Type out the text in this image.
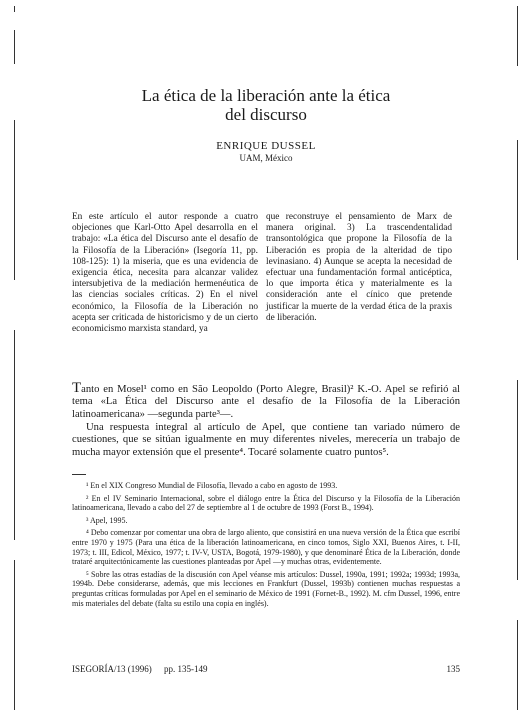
La ética de la liberación ante la ética
del discurso
ENRIQUE DUSSEL
UAM, México
En este artículo el autor responde a cuatro objeciones que Karl-Otto Apel desarrolla en el trabajo: «La ética del Discurso ante el desafío de la Filosofía de la Liberación» (Isegoría 11, pp. 108-125): 1) la miseria, que es una evidencia de exigencia ética, necesita para alcanzar validez intersubjetiva de la mediación hermenéutica de las ciencias sociales críticas. 2) En el nivel económico, la Filosofía de la Liberación no acepta ser criticada de historicismo y de un cierto economicismo marxista standard, ya
que reconstruye el pensamiento de Marx de manera original. 3) La trascendentalidad transontológica que propone la Filosofía de la Liberación es propia de la alteridad de tipo levinasiano. 4) Aunque se acepta la necesidad de efectuar una fundamentación formal anticéptica, lo que importa ética y materialmente es la consideración ante el cínico que pretende justificar la muerte de la verdad ética de la praxis de liberación.
Tanto en Mosel¹ como en São Leopoldo (Porto Alegre, Brasil)² K.-O. Apel se refirió al tema «La Ética del Discurso ante el desafío de la Filosofía de la Liberación latinoamericana» —segunda parte³—.
Una respuesta integral al artículo de Apel, que contiene tan variado número de cuestiones, que se sitúan igualmente en muy diferentes niveles, merecería un trabajo de mucha mayor extensión que el presente⁴. Tocaré solamente cuatro puntos⁵.

¹ En el XIX Congreso Mundial de Filosofía, llevado a cabo en agosto de 1993.

² En el IV Seminario Internacional, sobre el diálogo entre la Ética del Discurso y la Filosofía de la Liberación latinoamericana, llevado a cabo del 27 de septiembre al 1 de octubre de 1993 (Forst B., 1994).

³ Apel, 1995.

⁴ Debo comenzar por comentar una obra de largo aliento, que consistirá en una nueva versión de la Ética que escribí entre 1970 y 1975 (Para una ética de la liberación latinoamericana, en cinco tomos, Siglo XXI, Buenos Aires, t. I-II, 1973; t. III, Edicol, México, 1977; t. IV-V, USTA, Bogotá, 1979-1980), y que denominaré Ética de la Liberación, donde trataré arquitectónicamente las cuestiones planteadas por Apel —y muchas otras, evidentemente.

⁵ Sobre las otras estadías de la discusión con Apel véanse mis artículos: Dussel, 1990a, 1991; 1992a; 1993d; 1993a, 1994b. Debe considerarse, además, que mis lecciones en Frankfurt (Dussel, 1993b) contienen muchas respuestas a preguntas críticas formuladas por Apel en el seminario de México de 1991 (Fornet-B., 1992). M. cfm Dussel, 1996, entre mis materiales del debate (falta su estilo una copia en inglés).

ISEGORÍA/13 (1996) pp. 135-149	135
